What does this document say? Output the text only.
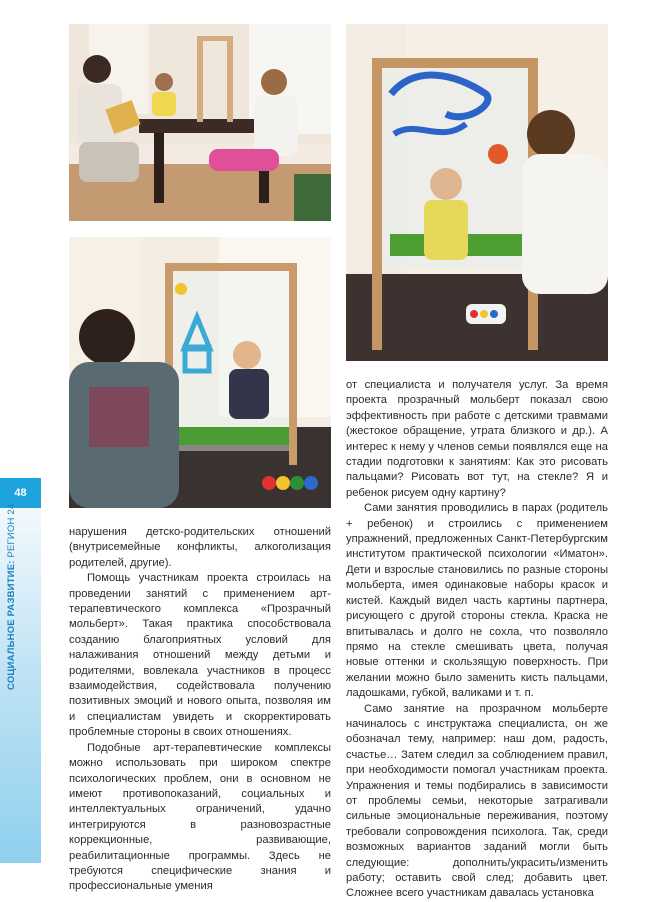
48
СОЦИАЛЬНОЕ РАЗВИТИЕ: РЕГИОН 24	нарушения детско-родительских отношений (внутрисемейные конфликты, алкоголизация родителей, другие).

Помощь участникам проекта строилась на проведении занятий с применением арт-терапевтического комплекса «Прозрачный мольберт». Такая практика способствовала созданию благоприятных условий для налаживания отношений между детьми и родителями, вовлекала участников в процесс взаимодействия, содействовала получению позитивных эмоций и нового опыта, позволяя им и специалистам увидеть и скорректировать проблемные стороны в своих отношениях.

Подобные арт-терапевтические комплексы можно использовать при широком спектре психологических проблем, они в основном не имеют противопоказаний, социальных и интеллектуальных ограничений, удачно интегрируются в разновозрастные коррекционные, развивающие, реабилитационные программы. Здесь не требуются специфические знания и профессиональные умения

от специалиста и получателя услуг. За время проекта прозрачный мольберт показал свою эффективность при работе с детскими травмами (жестокое обращение, утрата близкого и др.). А интерес к нему у членов семьи появлялся еще на стадии подготовки к занятиям: Как это рисовать пальцами? Рисовать вот тут, на стекле? Я и ребенок рисуем одну картину?

Сами занятия проводились в парах (родитель + ребенок) и строились с применением упражнений, предложенных Санкт-Петербургским институтом практической психологии «Иматон». Дети и взрослые становились по разные стороны мольберта, имея одинаковые наборы красок и кистей. Каждый видел часть картины партнера, рисующего с другой стороны стекла. Краска не впитывалась и долго не сохла, что позволяло прямо на стекле смешивать цвета, получая новые оттенки и скользящую поверхность. При желании можно было заменить кисть пальцами, ладошками, губкой, валиками и т. п.

Само занятие на прозрачном мольберте начиналось с инструктажа специалиста, он же обозначал тему, например: наш дом, радость, счастье… Затем следил за соблюдением правил, при необходимости помогал участникам проекта. Упражнения и темы подбирались в зависимости от проблемы семьи, некоторые затрагивали сильные эмоциональные переживания, поэтому требовали сопровождения психолога. Так, среди возможных вариантов заданий могли быть следующие: дополнить/украсить/изменить работу; оставить свой след; добавить цвет. Сложнее всего участникам давалась установка
